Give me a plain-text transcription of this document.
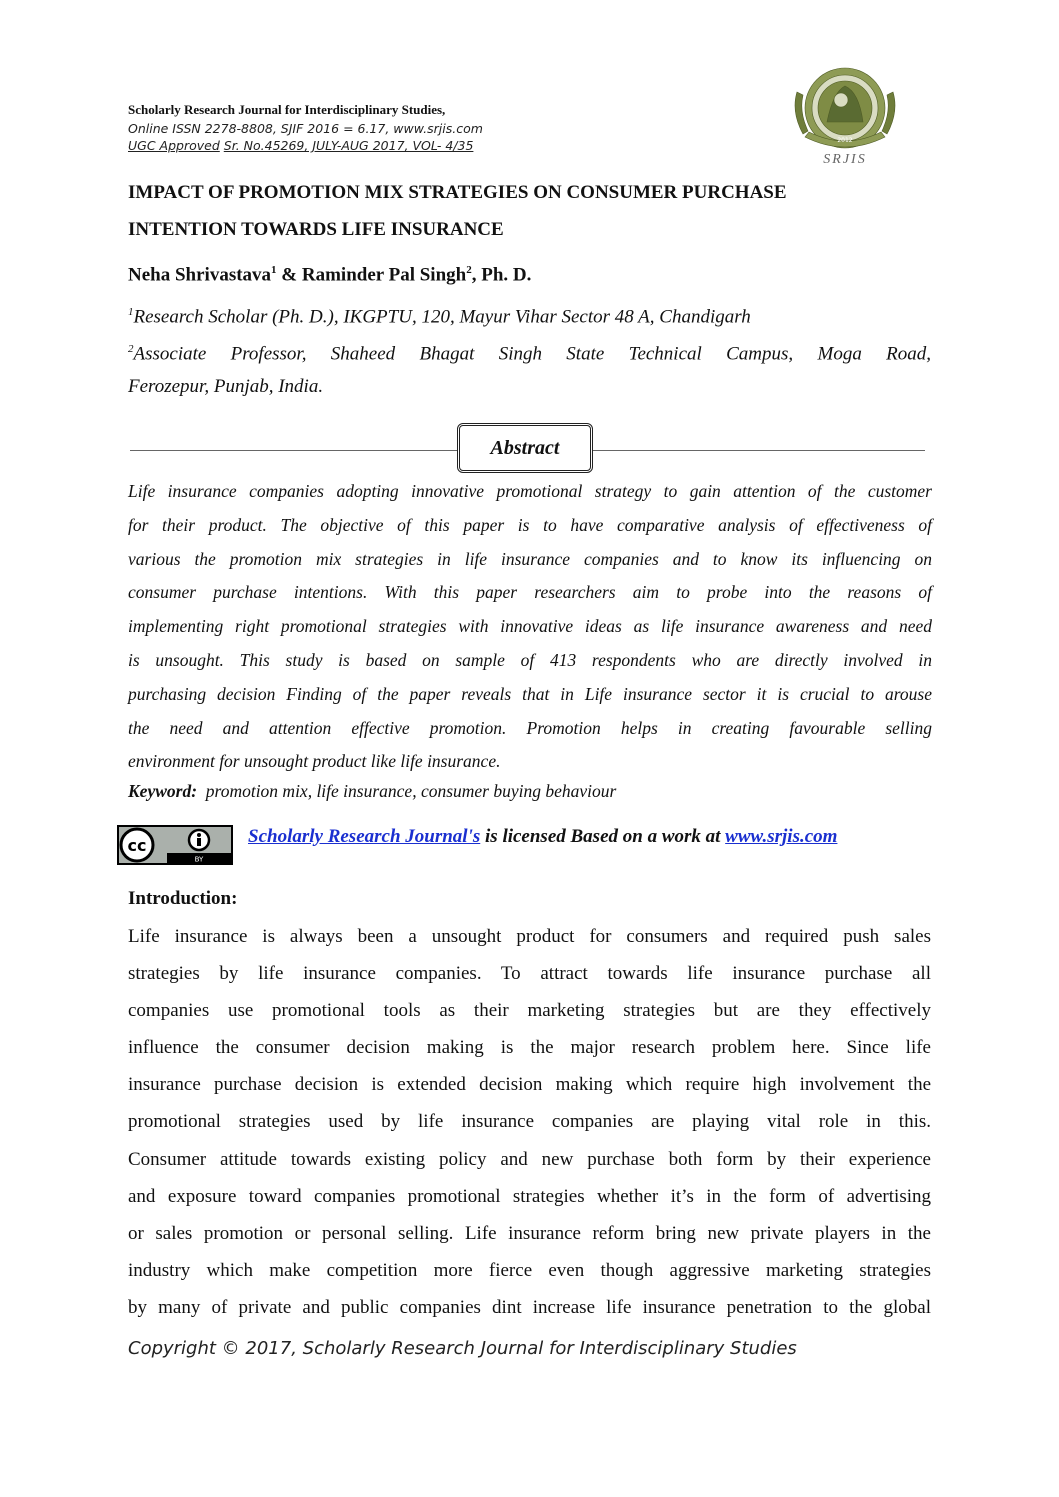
Scholarly Research Journal for Interdisciplinary Studies,
Online ISSN 2278-8808, SJIF 2016 = 6.17, www.srjis.com
UGC Approved Sr. No.45269, JULY-AUG 2017, VOL- 4/35	2012
SRJIS
IMPACT OF PROMOTION MIX STRATEGIES ON CONSUMER PURCHASE
INTENTION TOWARDS LIFE INSURANCE
Neha Shrivastava$^1$ & Raminder Pal Singh$^2$, Ph. D.
$^1$Research Scholar (Ph. D.), IKGPTU, 120, Mayur Vihar Sector 48 A, Chandigarh
$^2$Associate Professor, Shaheed Bhagat Singh State Technical Campus, Moga Road,
Ferozepur, Punjab, India.
Abstract
Life insurance companies adopting innovative promotional strategy to gain attention of the customer
for their product. The objective of this paper is to have comparative analysis of effectiveness of
various the promotion mix strategies in life insurance companies and to know its influencing on
consumer purchase intentions. With this paper researchers aim to probe into the reasons of
implementing right promotional strategies with innovative ideas as life insurance awareness and need
is unsought. This study is based on sample of 413 respondents who are directly involved in
purchasing decision Finding of the paper reveals that in Life insurance sector it is crucial to arouse
the need and attention effective promotion. Promotion helps in creating favourable selling
environment for unsought product like life insurance.
Keyword: promotion mix, life insurance, consumer buying behaviour
cc
BY
Scholarly Research Journal's is licensed Based on a work at www.srjis.com
Introduction:
Life insurance is always been a unsought product for consumers and required push sales
strategies by life insurance companies. To attract towards life insurance purchase all
companies use promotional tools as their marketing strategies but are they effectively
influence the consumer decision making is the major research problem here. Since life
insurance purchase decision is extended decision making which require high involvement the
promotional strategies used by life insurance companies are playing vital role in this.
Consumer attitude towards existing policy and new purchase both form by their experience
and exposure toward companies promotional strategies whether it’s in the form of advertising
or sales promotion or personal selling. Life insurance reform bring new private players in the
industry which make competition more fierce even though aggressive marketing strategies
by many of private and public companies dint increase life insurance penetration to the global
Copyright © 2017, Scholarly Research Journal for Interdisciplinary Studies
